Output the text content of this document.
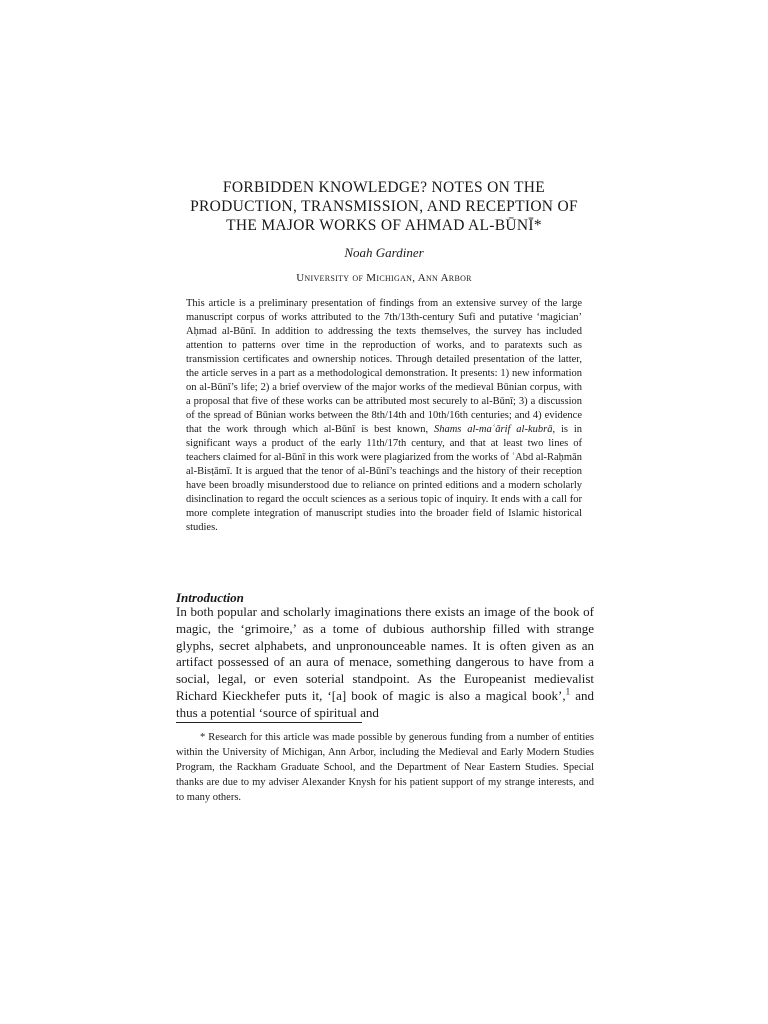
FORBIDDEN KNOWLEDGE? NOTES ON THE
PRODUCTION, TRANSMISSION, AND RECEPTION OF
THE MAJOR WORKS OF AHMAD AL-BŪNĪ*
Noah Gardiner
University of Michigan, Ann Arbor

This article is a preliminary presentation of findings from an extensive survey of the large manuscript corpus of works attributed to the 7th/13th-century Sufi and putative ‘magician’ Aḥmad al-Būnī. In addition to addressing the texts themselves, the survey has included attention to patterns over time in the reproduction of works, and to paratexts such as transmission certificates and ownership notices. Through detailed presentation of the latter, the article serves in a part as a methodological demonstration. It presents: 1) new information on al-Būnī’s life; 2) a brief overview of the major works of the medieval Būnian corpus, with a proposal that five of these works can be attributed most securely to al-Būnī; 3) a discussion of the spread of Būnian works between the 8th/14th and 10th/16th centuries; and 4) evidence that the work through which al-Būnī is best known, Shams al-maʿārif al-kubrā, is in significant ways a product of the early 11th/17th century, and that at least two lines of teachers claimed for al-Būnī in this work were plagiarized from the works of ʿAbd al-Raḥmān al-Bisṭāmī. It is argued that the tenor of al-Būnī’s teachings and the history of their reception have been broadly misunderstood due to reliance on printed editions and a modern scholarly disinclination to regard the occult sciences as a serious topic of inquiry. It ends with a call for more complete integration of manuscript studies into the broader field of Islamic historical studies.

Introduction

In both popular and scholarly imaginations there exists an image of the book of magic, the ‘grimoire,’ as a tome of dubious authorship filled with strange glyphs, secret alphabets, and unpronounceable names. It is often given as an artifact possessed of an aura of menace, something dangerous to have from a social, legal, or even soterial standpoint. As the Europeanist medievalist Richard Kieckhefer puts it, ‘[a] book of magic is also a magical book’,$^1$ and thus a potential ‘source of spiritual and

* Research for this article was made possible by generous funding from a number of entities within the University of Michigan, Ann Arbor, including the Medieval and Early Modern Studies Program, the Rackham Graduate School, and the Department of Near Eastern Studies. Special thanks are due to my adviser Alexander Knysh for his patient support of my strange interests, and to many others.
